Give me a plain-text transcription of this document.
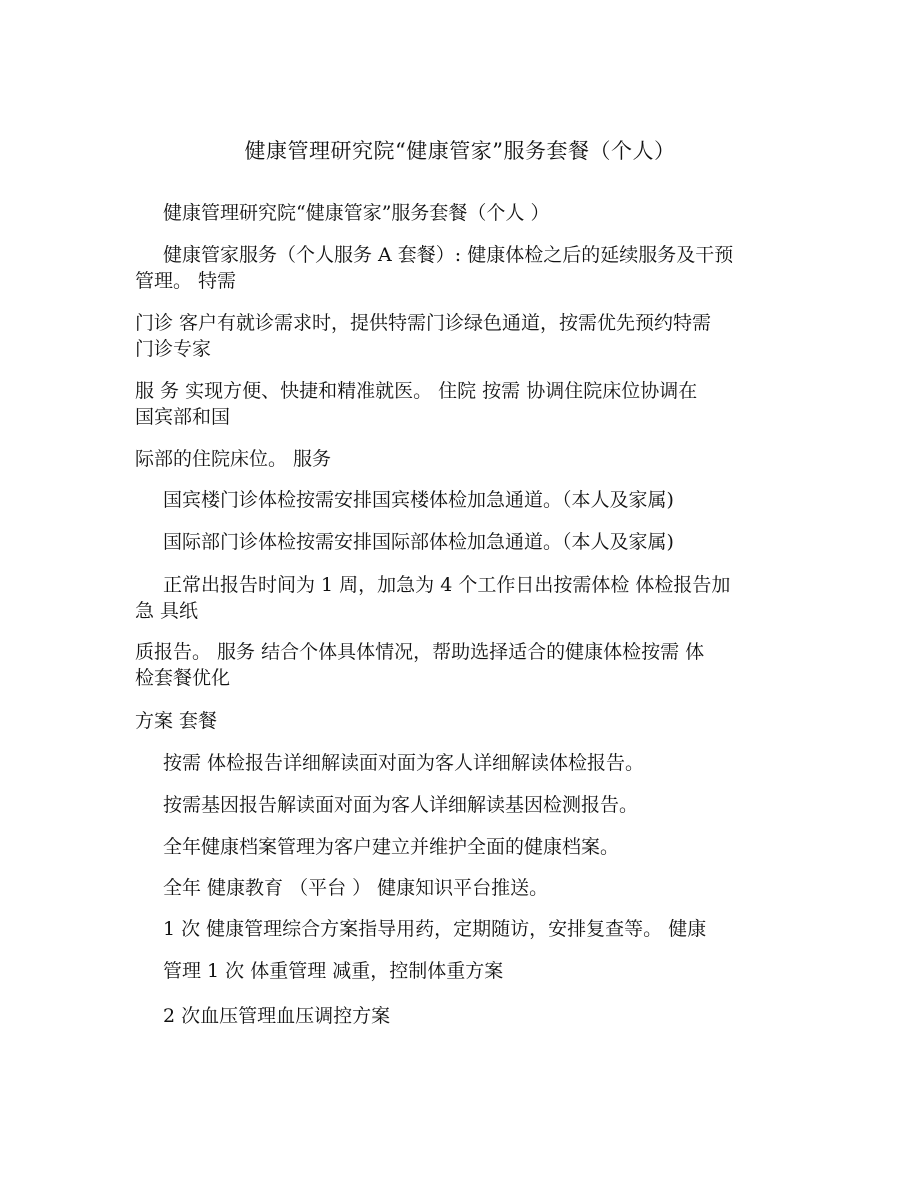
健康管理研究院“健康管家”服务套餐（个人）
健康管理研究院“健康管家”服务套餐（个人 ）
健康管家服务（个人服务 A 套餐）: 健康体检之后的延续服务及干预
管理。 特需
门诊 客户有就诊需求时，提供特需门诊绿色通道，按需优先预约特需
门诊专家
服 务 实现方便、快捷和精准就医。 住院 按需 协调住院床位协调在
国宾部和国
际部的住院床位。 服务
国宾楼门诊体检按需安排国宾楼体检加急通道。（本人及家属)
国际部门诊体检按需安排国际部体检加急通道。（本人及家属)
正常出报告时间为 1 周，加急为 4 个工作日出按需体检 体检报告加
急 具纸
质报告。 服务 结合个体具体情况，帮助选择适合的健康体检按需 体
检套餐优化
方案 套餐
按需 体检报告详细解读面对面为客人详细解读体检报告。
按需基因报告解读面对面为客人详细解读基因检测报告。
全年健康档案管理为客户建立并维护全面的健康档案。
全年 健康教育 （平台 ） 健康知识平台推送。
1 次 健康管理综合方案指导用药，定期随访，安排复查等。 健康
管理 1 次 体重管理 减重，控制体重方案
2 次血压管理血压调控方案
